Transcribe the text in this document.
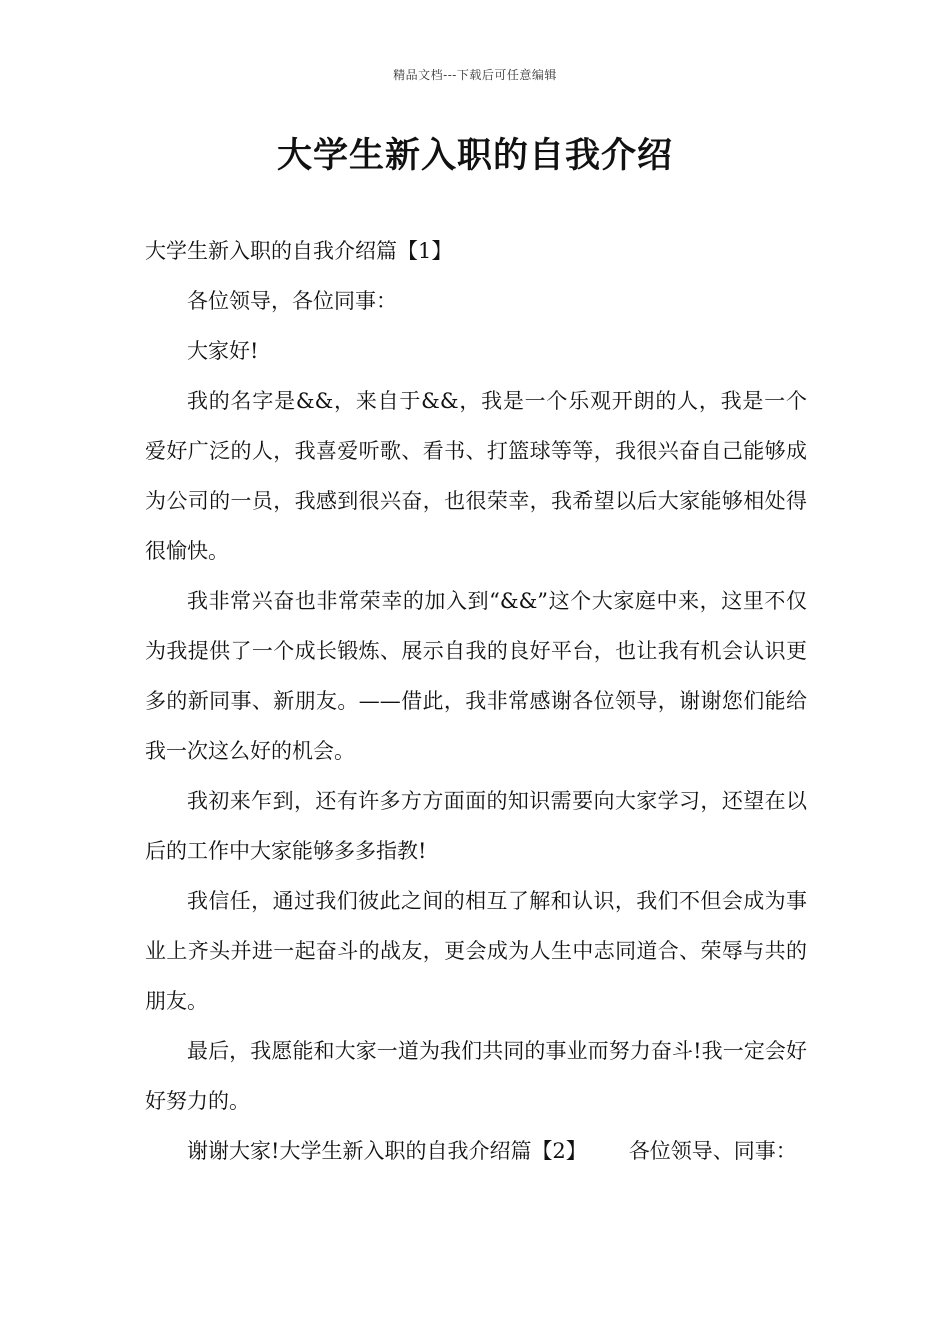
精品文档---下载后可任意编辑
大学生新入职的自我介绍

大学生新入职的自我介绍篇【1】

各位领导，各位同事：

大家好!

我的名字是&&，来自于&&，我是一个乐观开朗的人，我是一个爱好广泛的人，我喜爱听歌、看书、打篮球等等，我很兴奋自己能够成为公司的一员，我感到很兴奋，也很荣幸，我希望以后大家能够相处得很愉快。

我非常兴奋也非常荣幸的加入到“&&”这个大家庭中来，这里不仅为我提供了一个成长锻炼、展示自我的良好平台，也让我有机会认识更多的新同事、新朋友。——借此，我非常感谢各位领导，谢谢您们能给我一次这么好的机会。

我初来乍到，还有许多方方面面的知识需要向大家学习，还望在以后的工作中大家能够多多指教!

我信任，通过我们彼此之间的相互了解和认识，我们不但会成为事业上齐头并进一起奋斗的战友，更会成为人生中志同道合、荣辱与共的朋友。

最后，我愿能和大家一道为我们共同的事业而努力奋斗!我一定会好好努力的。

谢谢大家!大学生新入职的自我介绍篇【2】 各位领导、同事：
